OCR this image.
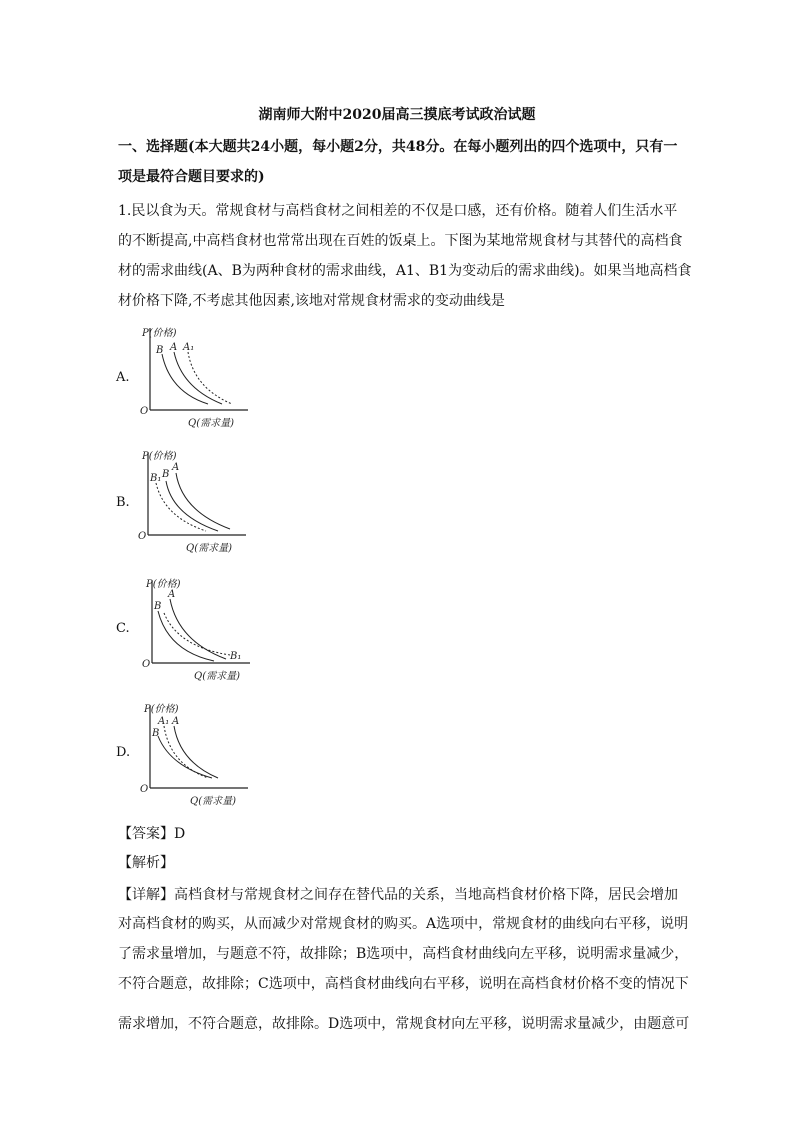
湖南师大附中2020届高三摸底考试政治试题
一、选择题(本大题共24小题，每小题2分，共48分。在每小题列出的四个选项中，只有一
项是最符合题目要求的)
1.民以食为天。常规食材与高档食材之间相差的不仅是口感，还有价格。随着人们生活水平
的不断提高,中高档食材也常常出现在百姓的饭桌上。下图为某地常规食材与其替代的高档食
材的需求曲线(A、B为两种食材的需求曲线，A1、B1为变动后的需求曲线)。如果当地高档食
材价格下降,不考虑其他因素,该地对常规食材需求的变动曲线是
A.
P(价格)
O
Q(需求量)
B A A₁
B.
P(价格)
O
Q(需求量)
B₁ B
A
C.
P(价格)
O
Q(需求量)
B
A
B₁
D.
P(价格)
O
Q(需求量)
A₁ A
B
【答案】D
【解析】
【详解】高档食材与常规食材之间存在替代品的关系，当地高档食材价格下降，居民会增加
对高档食材的购买，从而减少对常规食材的购买。A选项中，常规食材的曲线向右平移，说明
了需求量增加，与题意不符，故排除；B选项中，高档食材曲线向左平移，说明需求量减少，
不符合题意，故排除；C选项中，高档食材曲线向右平移，说明在高档食材价格不变的情况下
需求增加，不符合题意，故排除。D选项中，常规食材向左平移，说明需求量减少，由题意可
